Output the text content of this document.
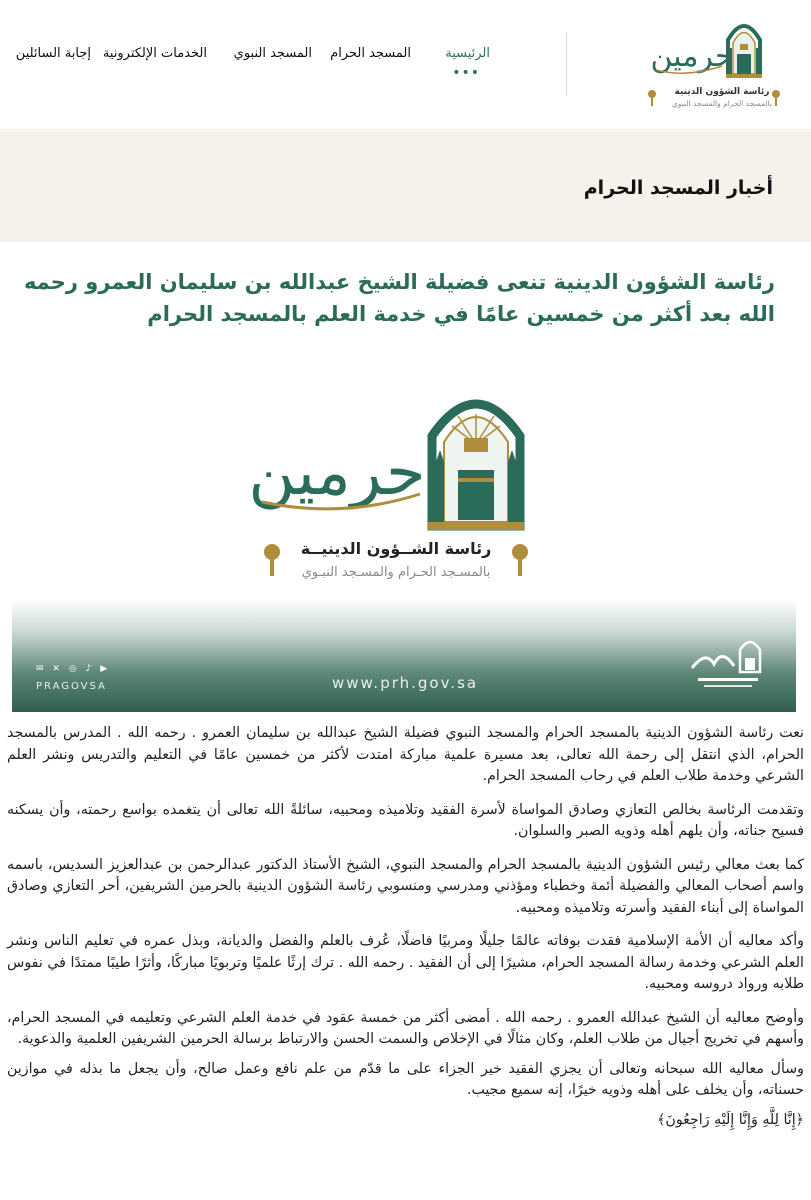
حرمين
رئاسة الشؤون الدينية
بالمسجد الحرام والمسجد النبوي
الرئيسية
•••
المسجد الحرام
المسجد النبوي
الخدمات الإلكترونية
إجابة السائلين
أخبار المسجد الحرام
رئاسة الشؤون الدينية تنعى فضيلة الشيخ عبدالله بن سليمان العمرو رحمه الله بعد أكثر من خمسين عامًا في خدمة العلم بالمسجد الحرام
حرمين
رئاسة الشــؤون الدينيــة
بالمسـجد الحـرام والمسـجد النبـوي
✉ ✕ ◎ ♪ ▶
PRAGOVSA	www.prh.gov.sa

نعت رئاسة الشؤون الدينية بالمسجد الحرام والمسجد النبوي فضيلة الشيخ عبدالله بن سليمان العمرو . رحمه الله . المدرس بالمسجد الحرام، الذي انتقل إلى رحمة الله تعالى، بعد مسيرة علمية مباركة امتدت لأكثر من خمسين عامًا في التعليم والتدريس ونشر العلم الشرعي وخدمة طلاب العلم في رحاب المسجد الحرام.

وتقدمت الرئاسة بخالص التعازي وصادق المواساة لأسرة الفقيد وتلاميذه ومحبيه، سائلةً الله تعالى أن يتغمده بواسع رحمته، وأن يسكنه فسيح جناته، وأن يلهم أهله وذويه الصبر والسلوان.

كما بعث معالي رئيس الشؤون الدينية بالمسجد الحرام والمسجد النبوي، الشيخ الأستاذ الدكتور عبدالرحمن بن عبدالعزيز السديس، باسمه واسم أصحاب المعالي والفضيلة أئمة وخطباء ومؤذني ومدرسي ومنسوبي رئاسة الشؤون الدينية بالحرمين الشريفين، أحر التعازي وصادق المواساة إلى أبناء الفقيد وأسرته وتلاميذه ومحبيه.

وأكد معاليه أن الأمة الإسلامية فقدت بوفاته عالمًا جليلًا ومربيًا فاضلًا، عُرف بالعلم والفضل والديانة، وبذل عمره في تعليم الناس ونشر العلم الشرعي وخدمة رسالة المسجد الحرام، مشيرًا إلى أن الفقيد . رحمه الله . ترك إرثًا علميًا وتربويًا مباركًا، وأثرًا طيبًا ممتدًا في نفوس طلابه ورواد دروسه ومحبيه.

وأوضح معاليه أن الشيخ عبدالله العمرو . رحمه الله . أمضى أكثر من خمسة عقود في خدمة العلم الشرعي وتعليمه في المسجد الحرام، وأسهم في تخريج أجيال من طلاب العلم، وكان مثالًا في الإخلاص والسمت الحسن والارتباط برسالة الحرمين الشريفين العلمية والدعوية.

وسأل معاليه الله سبحانه وتعالى أن يجزي الفقيد خير الجزاء على ما قدّم من علم نافع وعمل صالح، وأن يجعل ما بذله في موازين حسناته، وأن يخلف على أهله وذويه خيرًا، إنه سميع مجيب.

﴿إِنَّا لِلَّهِ وَإِنَّا إِلَيْهِ رَاجِعُونَ﴾
